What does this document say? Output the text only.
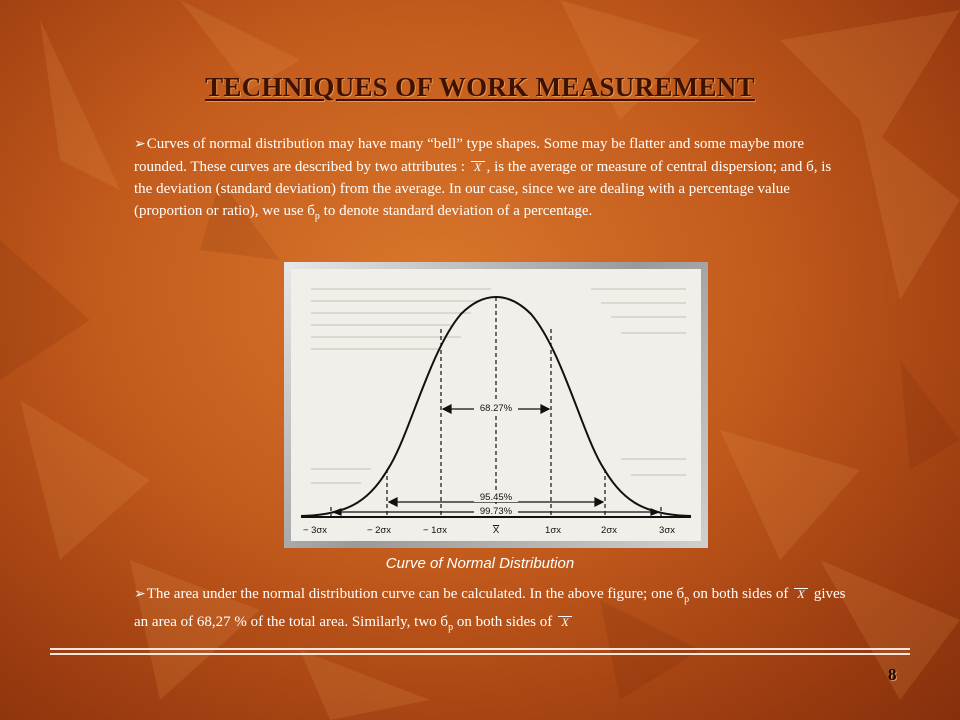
TECHNIQUES OF WORK MEASUREMENT
➢Curves of normal distribution may have many “bell” type shapes. Some may be flatter and some maybe more rounded. These curves are described by two attributes : X , is the average or measure of central dispersion; and б, is the deviation (standard deviation) from the average. In our case, since we are dealing with a percentage value (proportion or ratio), we use $б_p$ to denote standard deviation of a percentage.
68.27%
95.45%
99.73%
− 3σx	− 2σx	− 1σx	X	1σx	2σx	3σx
Curve of Normal Distribution
➢The area under the normal distribution curve can be calculated. In the above figure; one $б_p$ on both sides of X gives an area of 68,27 % of the total area. Similarly, two $б_p$ on both sides of X
8
